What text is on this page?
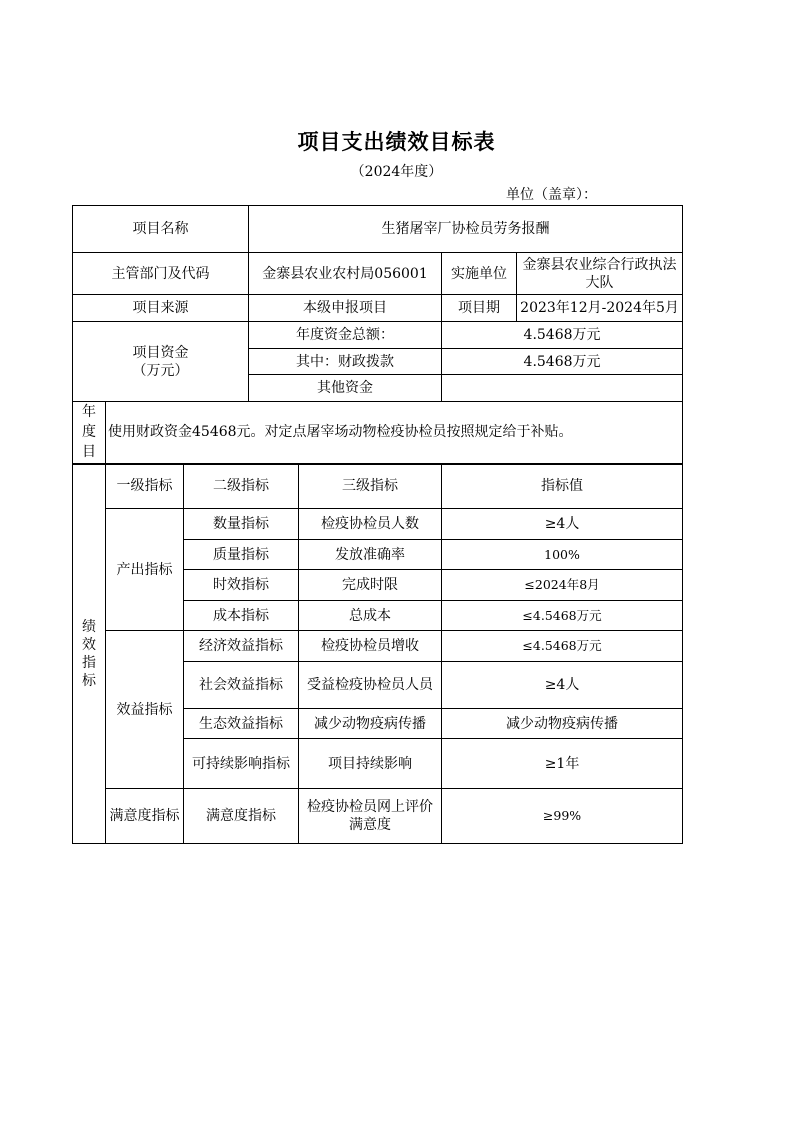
项目支出绩效目标表
（2024年度）
单位（盖章）：
项目名称			生猪屠宰厂协检员劳务报酬			
主管部门及代码			金寨县农业农村局056001		实施单位	金寨县农业综合行政执法大队
项目来源			本级申报项目		项目期	2023年12月-2024年5月

项目资金
（万元）			年度资金总额：		4.5468万元	
			其中：财政拨款		4.5468万元	
			其他资金			

年
度
目	使用财政资金45468元。对定点屠宰场动物检疫协检员按照规定给于补贴。					

绩
效
指
标	一级指标	二级指标		三级指标	指标值	
	产出指标	数量指标		检疫协检员人数	≥4人	
		质量指标		发放准确率	100%	
		时效指标		完成时限	≤2024年8月	
		成本指标		总成本	≤4.5468万元	
	效益指标	经济效益指标		检疫协检员增收	≤4.5468万元	
		社会效益指标		受益检疫协检员人员	≥4人	
		生态效益指标		减少动物疫病传播	减少动物疫病传播	
		可持续影响指标		项目持续影响	≥1年	
	满意度指标	满意度指标		检疫协检员网上评价满意度	≥99%	
